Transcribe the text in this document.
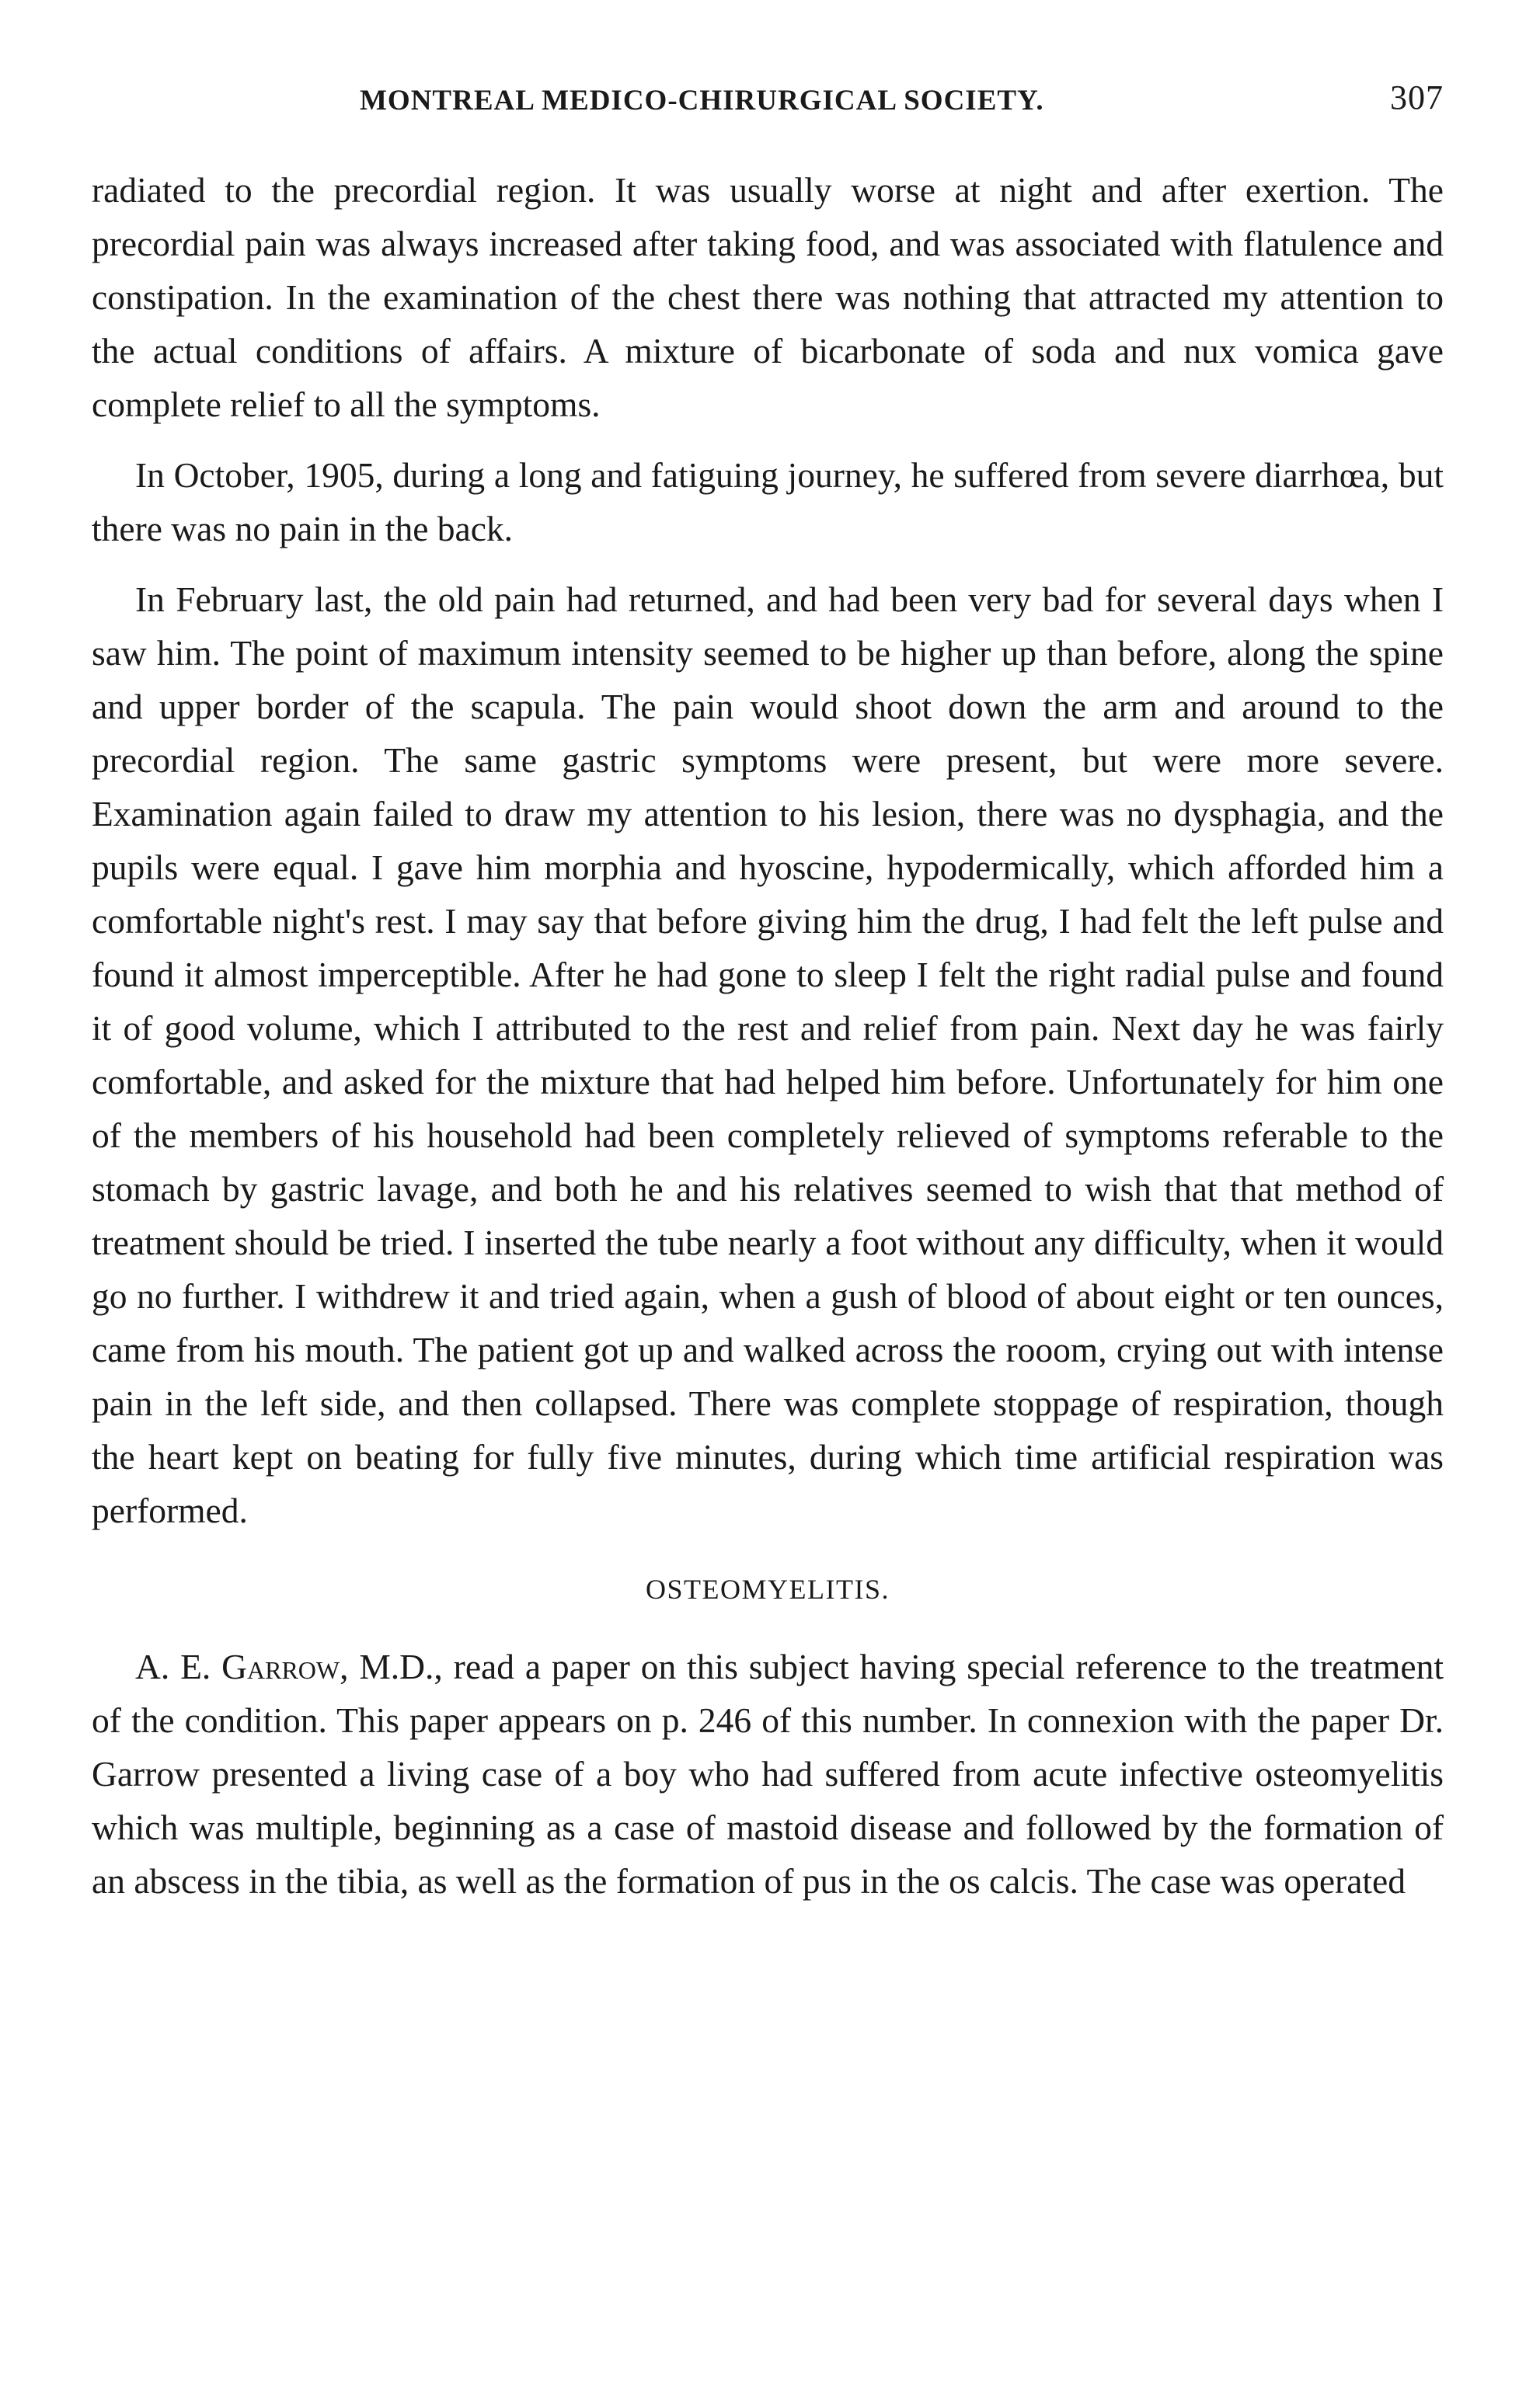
MONTREAL MEDICO-CHIRURGICAL SOCIETY.	307

radiated to the precordial region. It was usually worse at night and after exertion. The precordial pain was always increased after taking food, and was associated with flatulence and constipation. In the examination of the chest there was nothing that attracted my attention to the actual conditions of affairs. A mixture of bicarbonate of soda and nux vomica gave complete relief to all the symptoms.

In October, 1905, during a long and fatiguing journey, he suffered from severe diarrhœa, but there was no pain in the back.

In February last, the old pain had returned, and had been very bad for several days when I saw him. The point of maximum intensity seemed to be higher up than before, along the spine and upper border of the scapula. The pain would shoot down the arm and around to the precordial region. The same gastric symptoms were present, but were more severe. Examination again failed to draw my attention to his lesion, there was no dysphagia, and the pupils were equal. I gave him morphia and hyoscine, hypodermically, which afforded him a comfortable night's rest. I may say that before giving him the drug, I had felt the left pulse and found it almost imperceptible. After he had gone to sleep I felt the right radial pulse and found it of good volume, which I attributed to the rest and relief from pain. Next day he was fairly comfortable, and asked for the mixture that had helped him before. Unfortunately for him one of the members of his household had been completely relieved of symptoms referable to the stomach by gastric lavage, and both he and his relatives seemed to wish that that method of treatment should be tried. I inserted the tube nearly a foot without any difficulty, when it would go no further. I withdrew it and tried again, when a gush of blood of about eight or ten ounces, came from his mouth. The patient got up and walked across the rooom, crying out with intense pain in the left side, and then collapsed. There was complete stoppage of respiration, though the heart kept on beating for fully five minutes, during which time artificial respiration was performed.

OSTEOMYELITIS.

A. E. Garrow, M.D., read a paper on this subject having special reference to the treatment of the condition. This paper appears on p. 246 of this number. In connexion with the paper Dr. Garrow presented a living case of a boy who had suffered from acute infective osteomyelitis which was multiple, beginning as a case of mastoid disease and followed by the formation of an abscess in the tibia, as well as the formation of pus in the os calcis. The case was operated
